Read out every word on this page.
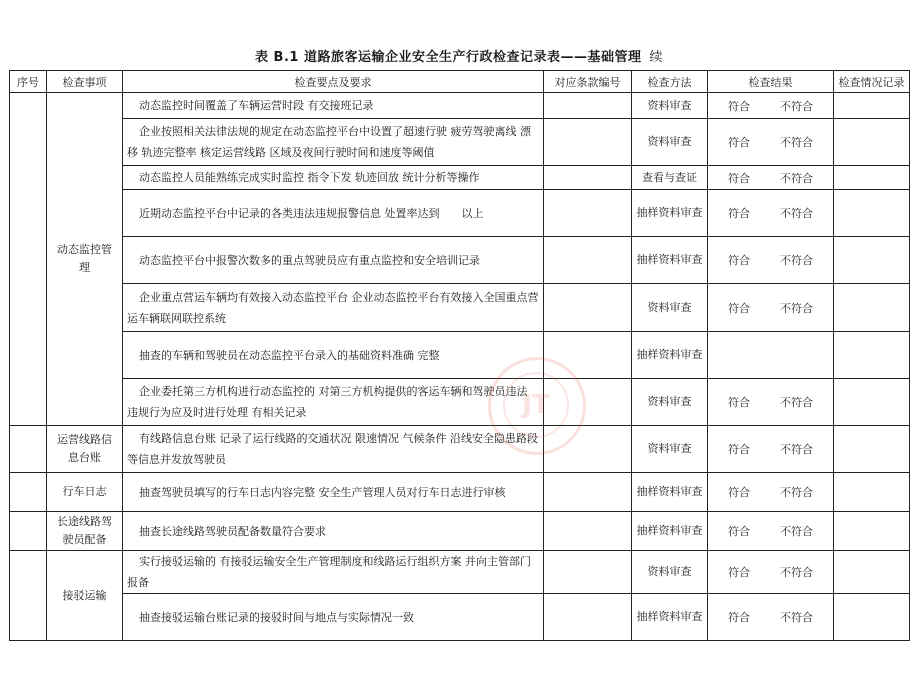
表 B.1 道路旅客运输企业安全生产行政检查记录表——基础管理 续
序号	检查事项	检查要点及要求	对应条款编号	检查方法	检查结果	检查情况记录
	动态监控管理	动态监控时间覆盖了车辆运营时段 有交接班记录		资料审查	符合 不符合	

		企业按照相关法律法规的规定在动态监控平台中设置了超速行驶 疲劳驾驶离线 漂移 轨迹完整率 核定运营线路 区域及夜间行驶时间和速度等阈值		资料审查	符合 不符合	

		动态监控人员能熟练完成实时监控 指令下发 轨迹回放 统计分析等操作		查看与查证	符合 不符合	

		近期动态监控平台中记录的各类违法违规报警信息 处置率达到　　以上		抽样资料审查	符合 不符合	

		动态监控平台中报警次数多的重点驾驶员应有重点监控和安全培训记录		抽样资料审查	符合 不符合	

		企业重点营运车辆均有效接入动态监控平台 企业动态监控平台有效接入全国重点营运车辆联网联控系统		资料审查	符合 不符合	

		抽查的车辆和驾驶员在动态监控平台录入的基础资料准确 完整		抽样资料审查		

		企业委托第三方机构进行动态监控的 对第三方机构提供的客运车辆和驾驶员违法 违规行为应及时进行处理 有相关记录		资料审查	符合 不符合	
	运营线路信息台账	有线路信息台账 记录了运行线路的交通状况 限速情况 气候条件 沿线安全隐患路段等信息并发放驾驶员		资料审查	符合 不符合	
	行车日志	抽查驾驶员填写的行车日志内容完整 安全生产管理人员对行车日志进行审核		抽样资料审查	符合 不符合	
	长途线路驾驶员配备	抽查长途线路驾驶员配备数量符合要求		抽样资料审查	符合 不符合	
	接驳运输	实行接驳运输的 有接驳运输安全生产管理制度和线路运行组织方案 并向主管部门报备		资料审查	符合 不符合	

		抽查接驳运输台账记录的接驳时间与地点与实际情况一致		抽样资料审查	符合 不符合	
JT
